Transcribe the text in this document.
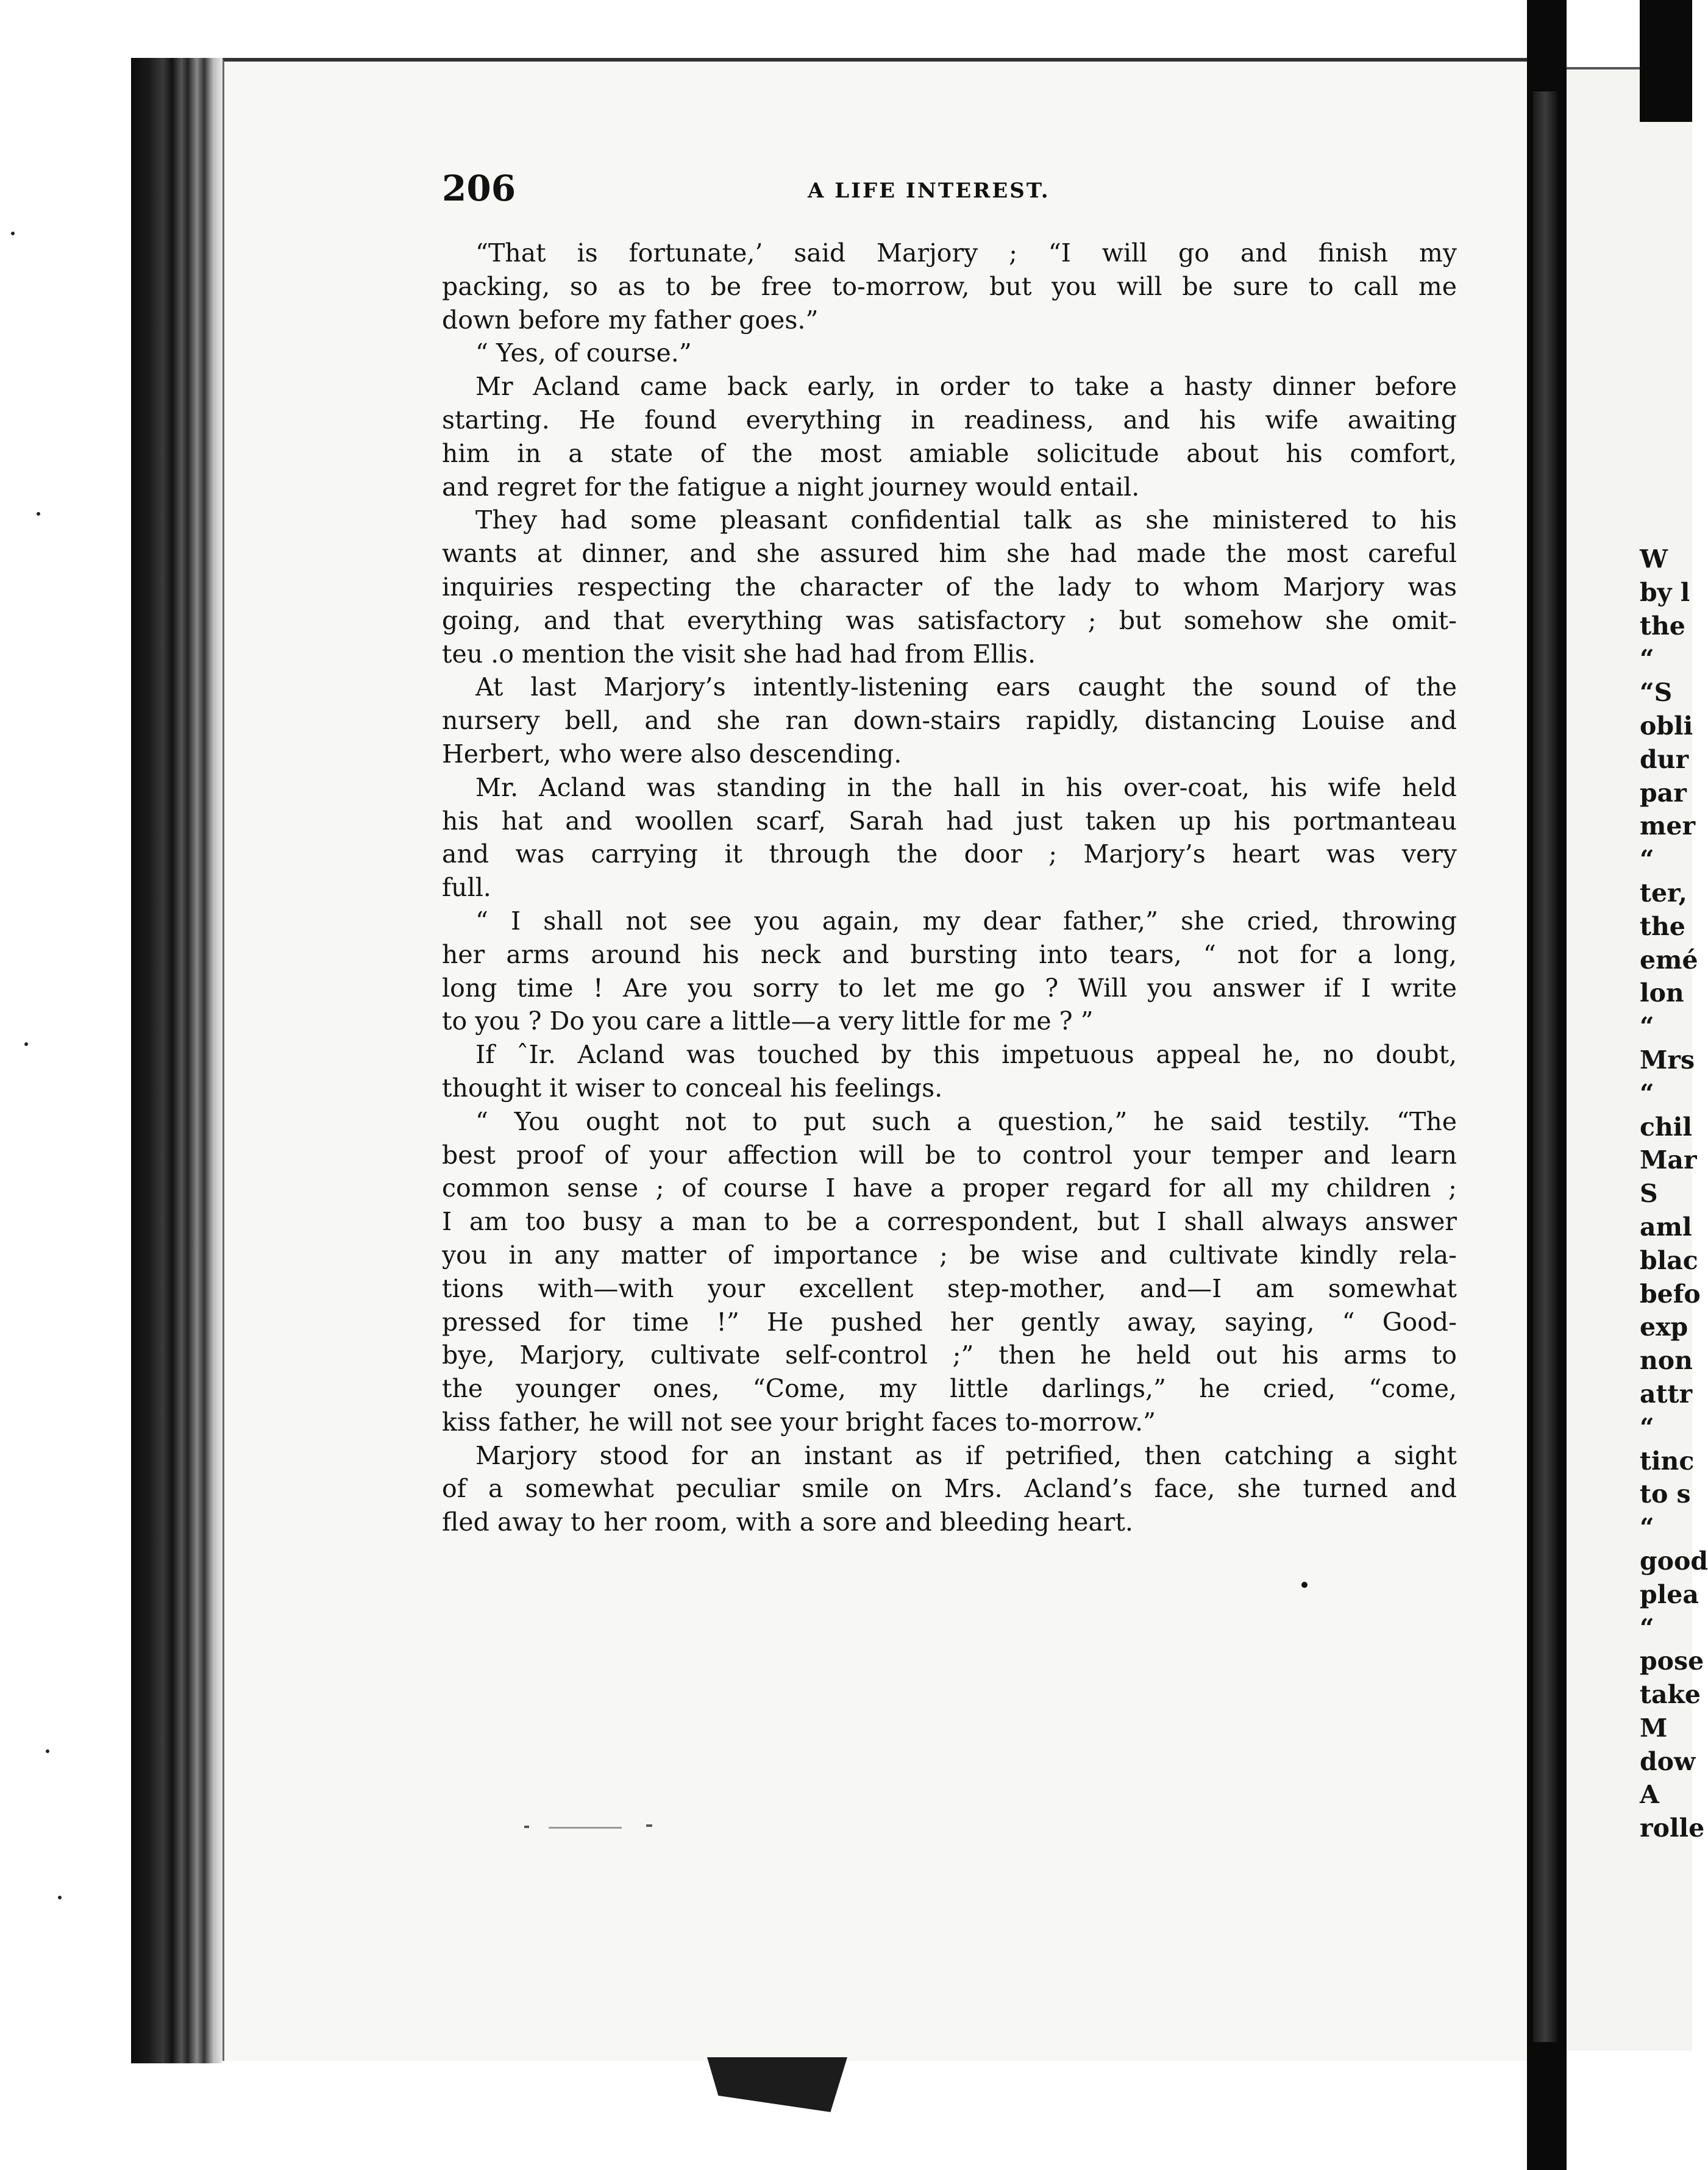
206	A LIFE INTEREST.
“That is fortunate,’ said Marjory ; “I will go and finish my
packing, so as to be free to-morrow, but you will be sure to call me
down before my father goes.”
“ Yes, of course.”
Mr Acland came back early, in order to take a hasty dinner before
starting. He found everything in readiness, and his wife awaiting
him in a state of the most amiable solicitude about his comfort,
and regret for the fatigue a night journey would entail.
They had some pleasant confidential talk as she ministered to his
wants at dinner, and she assured him she had made the most careful
inquiries respecting the character of the lady to whom Marjory was
going, and that everything was satisfactory ; but somehow she omit-
teu .o mention the visit she had had from Ellis.
At last Marjory’s intently-listening ears caught the sound of the
nursery bell, and she ran down-stairs rapidly, distancing Louise and
Herbert, who were also descending.
Mr. Acland was standing in the hall in his over-coat, his wife held
his hat and woollen scarf, Sarah had just taken up his portmanteau
and was carrying it through the door ; Marjory’s heart was very
full.
“ I shall not see you again, my dear father,” she cried, throwing
her arms around his neck and bursting into tears, “ not for a long,
long time ! Are you sorry to let me go ? Will you answer if I write
to you ? Do you care a little—a very little for me ? ”
If ˆIr. Acland was touched by this impetuous appeal he, no doubt,
thought it wiser to conceal his feelings.
“ You ought not to put such a question,” he said testily. “The
best proof of your affection will be to control your temper and learn
common sense ; of course I have a proper regard for all my children ;
I am too busy a man to be a correspondent, but I shall always answer
you in any matter of importance ; be wise and cultivate kindly rela-
tions with—with your excellent step-mother, and—I am somewhat
pressed for time !” He pushed her gently away, saying, “ Good-
bye, Marjory, cultivate self-control ;” then he held out his arms to
the younger ones, “Come, my little darlings,” he cried, “come,
kiss father, he will not see your bright faces to-morrow.”
Marjory stood for an instant as if petrified, then catching a sight
of a somewhat peculiar smile on Mrs. Acland’s face, she turned and
fled away to her room, with a sore and bleeding heart.
W
by l
the
“
“S
obli
dur
par
mer
“
ter,
the
emé
lon
“
Mrs
“
chil
Mar
S
aml
blac
befo
exp
non
attr
“
tinc
to s
“
good
plea
“
pose
take
M
dow
A
rolle
